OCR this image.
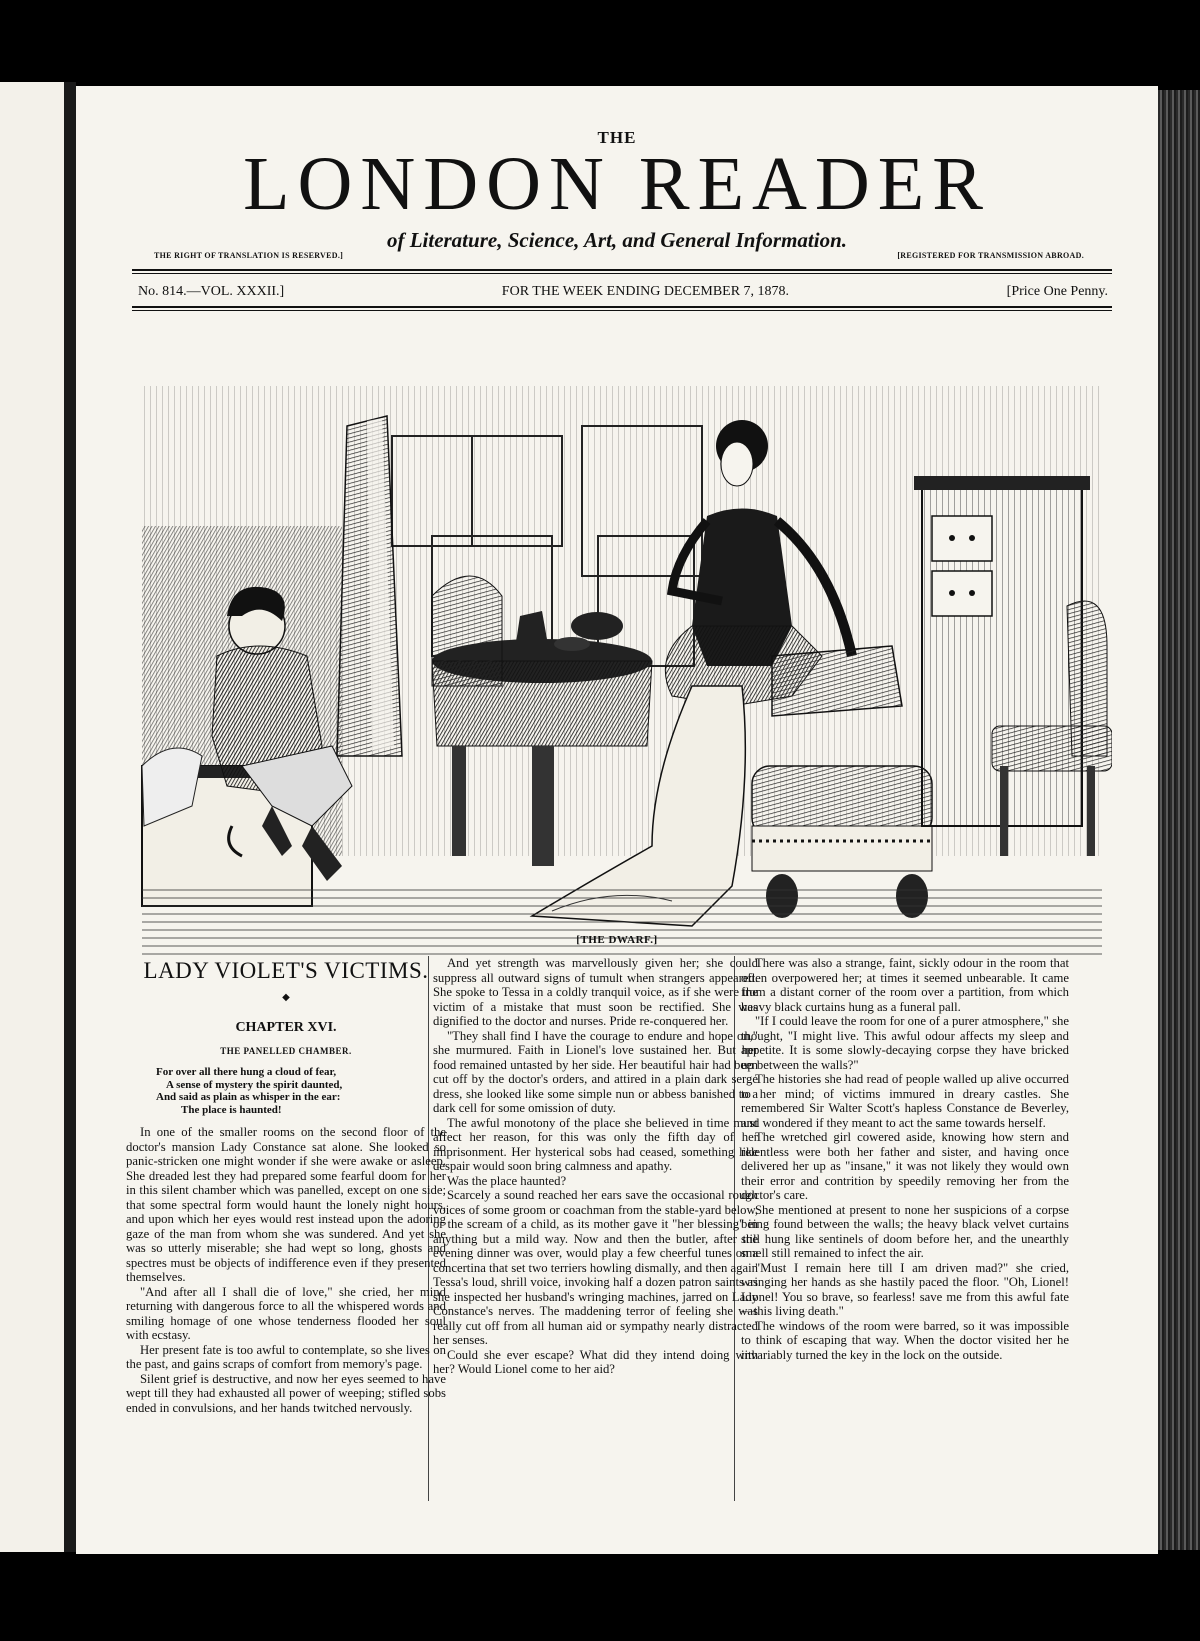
THE
LONDON READER
of Literature, Science, Art, and General Information.
THE RIGHT OF TRANSLATION IS RESERVED.]	[REGISTERED FOR TRANSMISSION ABROAD.
No. 814.—VOL. XXXII.]	FOR THE WEEK ENDING DECEMBER 7, 1878.	[Price One Penny.
[THE DWARF.]
LADY VIOLET'S VICTIMS.
◆
CHAPTER XVI.
THE PANELLED CHAMBER.
For over all there hung a cloud of fear,
A sense of mystery the spirit daunted,
And said as plain as whisper in the ear:
The place is haunted!

In one of the smaller rooms on the second floor of the doctor's mansion Lady Constance sat alone. She looked so panic-stricken one might wonder if she were awake or asleep. She dreaded lest they had prepared some fearful doom for her in this silent chamber which was panelled, except on one side; that some spectral form would haunt the lonely night hours, and upon which her eyes would rest instead upon the adoring gaze of the man from whom she was sundered. And yet she was so utterly miserable; she had wept so long, ghosts and spectres must be objects of indifference even if they presented themselves.

"And after all I shall die of love," she cried, her mind returning with dangerous force to all the whispered words and smiling homage of one whose tenderness flooded her soul with ecstasy.

Her present fate is too awful to contemplate, so she lives on the past, and gains scraps of comfort from memory's page.

Silent grief is destructive, and now her eyes seemed to have wept till they had exhausted all power of weeping; stifled sobs ended in convulsions, and her hands twitched nervously.

And yet strength was marvellously given her; she could suppress all outward signs of tumult when strangers appeared. She spoke to Tessa in a coldly tranquil voice, as if she were the victim of a mistake that must soon be rectified. She was dignified to the doctor and nurses. Pride re-conquered her.

"They shall find I have the courage to endure and hope on," she murmured. Faith in Lionel's love sustained her. But her food remained untasted by her side. Her beautiful hair had been cut off by the doctor's orders, and attired in a plain dark serge dress, she looked like some simple nun or abbess banished to a dark cell for some omission of duty.

The awful monotony of the place she believed in time must affect her reason, for this was only the fifth day of her imprisonment. Her hysterical sobs had ceased, something like despair would soon bring calmness and apathy.

Was the place haunted?

Scarcely a sound reached her ears save the occasional rough voices of some groom or coachman from the stable-yard below, or the scream of a child, as its mother gave it "her blessing" in anything but a mild way. Now and then the butler, after the evening dinner was over, would play a few cheerful tunes on a concertina that set two terriers howling dismally, and then again Tessa's loud, shrill voice, invoking half a dozen patron saints as she inspected her husband's wringing machines, jarred on Lady Constance's nerves. The maddening terror of feeling she was really cut off from all human aid or sympathy nearly distracted her senses.

Could she ever escape? What did they intend doing with her? Would Lionel come to her aid?

There was also a strange, faint, sickly odour in the room that often overpowered her; at times it seemed unbearable. It came from a distant corner of the room over a partition, from which heavy black curtains hung as a funeral pall.

"If I could leave the room for one of a purer atmosphere," she thought, "I might live. This awful odour affects my sleep and appetite. It is some slowly-decaying corpse they have bricked up between the walls?"

The histories she had read of people walled up alive occurred to her mind; of victims immured in dreary castles. She remembered Sir Walter Scott's hapless Constance de Beverley, and wondered if they meant to act the same towards herself.

The wretched girl cowered aside, knowing how stern and relentless were both her father and sister, and having once delivered her up as "insane," it was not likely they would own their error and contrition by speedily removing her from the doctor's care.

She mentioned at present to none her suspicions of a corpse being found between the walls; the heavy black velvet curtains still hung like sentinels of doom before her, and the unearthly smell still remained to infect the air.

"Must I remain here till I am driven mad?" she cried, wringing her hands as she hastily paced the floor. "Oh, Lionel! Lionel! You so brave, so fearless! save me from this awful fate—this living death."

The windows of the room were barred, so it was impossible to think of escaping that way. When the doctor visited her he invariably turned the key in the lock on the outside.
